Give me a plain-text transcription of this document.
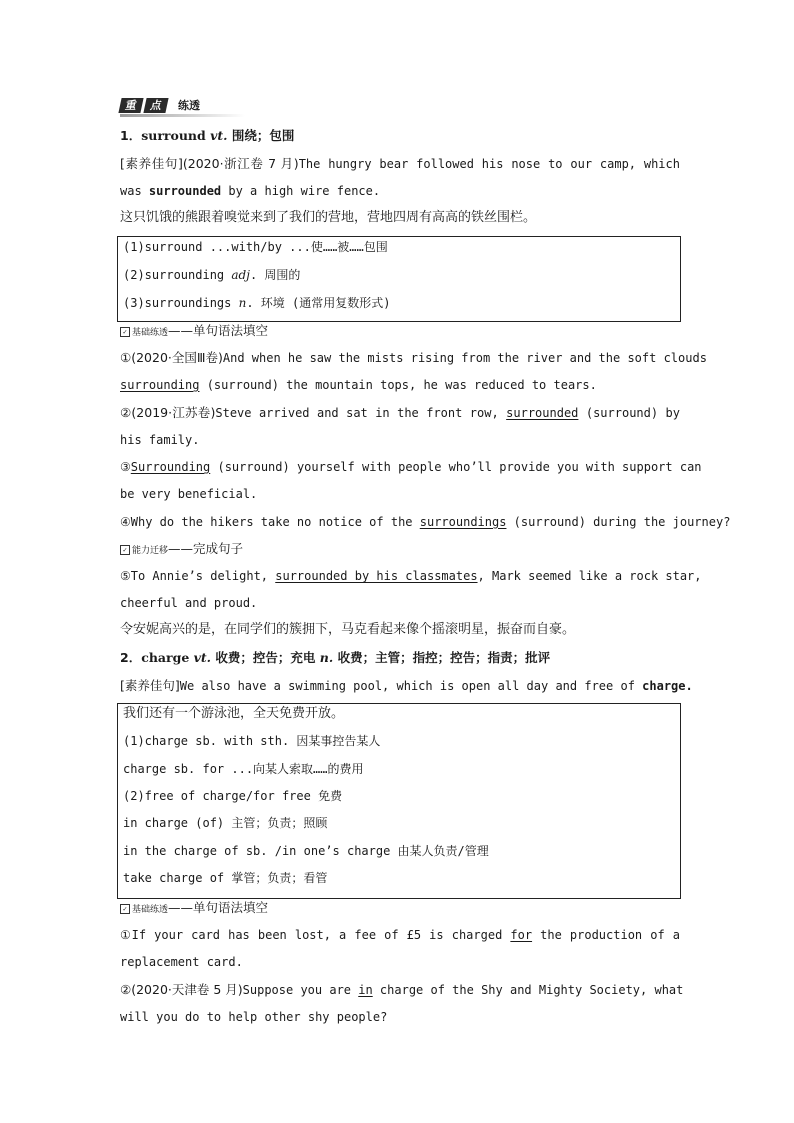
重	点	练透
1．surround vt. 围绕；包围
[素养佳句](2020·浙江卷 7 月)The hungry bear followed his nose to our camp, which
was surrounded by a high wire fence.
这只饥饿的熊跟着嗅觉来到了我们的营地，营地四周有高高的铁丝围栏。
(1)surround ...with/by ...使……被……包围
(2)surrounding adj. 周围的
(3)surroundings n. 环境 (通常用复数形式)
✓ 基础练透——单句语法填空
①(2020·全国Ⅲ卷)And when he saw the mists rising from the river and the soft clouds
surrounding (surround) the mountain tops, he was reduced to tears.
②(2019·江苏卷)Steve arrived and sat in the front row, surrounded (surround) by
his family.
③Surrounding (surround) yourself with people who’ll provide you with support can
be very beneficial.
④Why do the hikers take no notice of the surroundings (surround) during the journey?
✓ 能力迁移——完成句子
⑤To Annie’s delight, surrounded by his classmates, Mark seemed like a rock star,
cheerful and proud.
令安妮高兴的是，在同学们的簇拥下，马克看起来像个摇滚明星，振奋而自豪。
2．charge vt. 收费；控告；充电 n. 收费；主管；指控；控告；指责；批评
[素养佳句]We also have a swimming pool, which is open all day and free of charge.
我们还有一个游泳池，全天免费开放。
(1)charge sb. with sth. 因某事控告某人
charge sb. for ...向某人索取……的费用
(2)free of charge/for free 免费
in charge (of) 主管；负责；照顾
in the charge of sb. /in one’s charge 由某人负责/管理
take charge of 掌管；负责；看管
✓ 基础练透——单句语法填空
①If your card has been lost, a fee of £5 is charged for the production of a
replacement card.
②(2020·天津卷 5 月)Suppose you are in charge of the Shy and Mighty Society, what
will you do to help other shy people?
